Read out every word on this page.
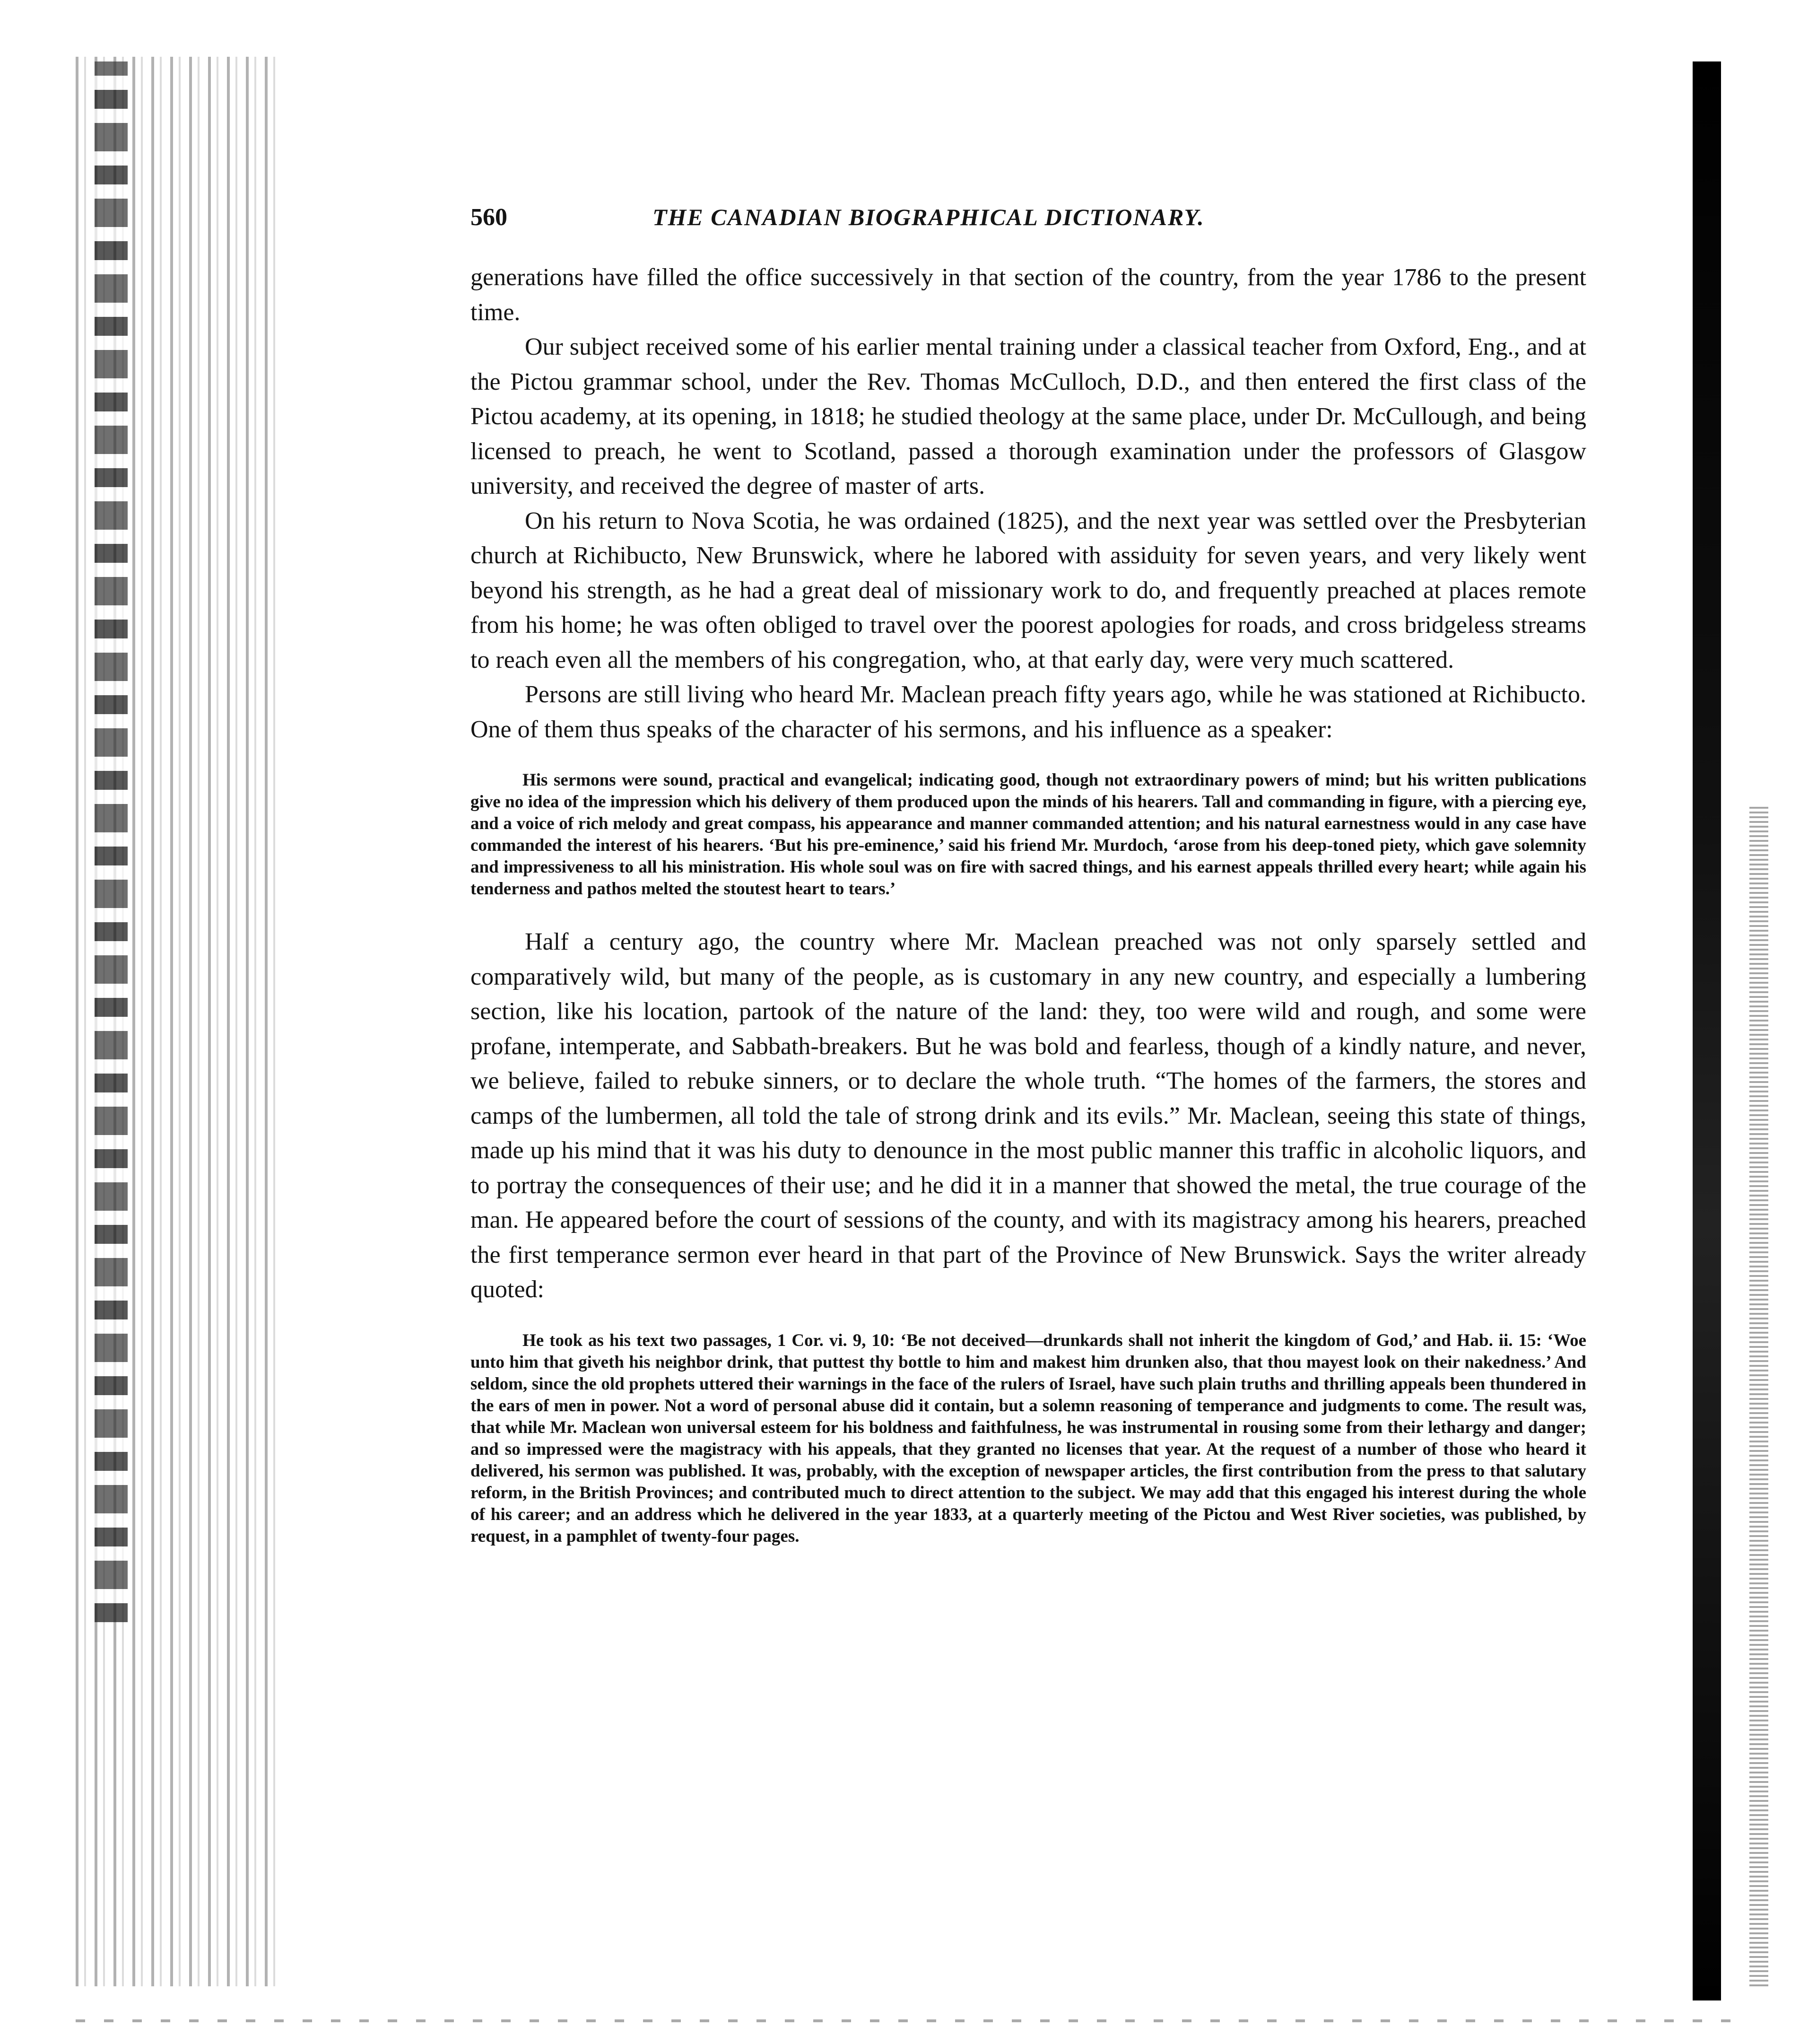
560	THE CANADIAN BIOGRAPHICAL DICTIONARY.

generations have filled the office successively in that section of the country, from the year 1786 to the present time.

Our subject received some of his earlier mental training under a classical teacher from Oxford, Eng., and at the Pictou grammar school, under the Rev. Thomas McCulloch, D.D., and then entered the first class of the Pictou academy, at its opening, in 1818; he studied theology at the same place, under Dr. McCullough, and being licensed to preach, he went to Scotland, passed a thorough examination under the professors of Glasgow university, and received the degree of master of arts.

On his return to Nova Scotia, he was ordained (1825), and the next year was settled over the Presbyterian church at Richibucto, New Brunswick, where he labored with assiduity for seven years, and very likely went beyond his strength, as he had a great deal of missionary work to do, and frequently preached at places remote from his home; he was often obliged to travel over the poorest apologies for roads, and cross bridgeless streams to reach even all the members of his congregation, who, at that early day, were very much scattered.

Persons are still living who heard Mr. Maclean preach fifty years ago, while he was stationed at Richibucto. One of them thus speaks of the character of his sermons, and his influence as a speaker:

His sermons were sound, practical and evangelical; indicating good, though not extraordinary powers of mind; but his written publications give no idea of the impression which his delivery of them produced upon the minds of his hearers. Tall and commanding in figure, with a piercing eye, and a voice of rich melody and great compass, his appearance and manner commanded attention; and his natural earnestness would in any case have commanded the interest of his hearers. ‘But his pre-eminence,’ said his friend Mr. Murdoch, ‘arose from his deep-toned piety, which gave solemnity and impressiveness to all his ministration. His whole soul was on fire with sacred things, and his earnest appeals thrilled every heart; while again his tenderness and pathos melted the stoutest heart to tears.’

Half a century ago, the country where Mr. Maclean preached was not only sparsely settled and comparatively wild, but many of the people, as is customary in any new country, and especially a lumbering section, like his location, partook of the nature of the land: they, too were wild and rough, and some were profane, intemperate, and Sabbath-breakers. But he was bold and fearless, though of a kindly nature, and never, we believe, failed to rebuke sinners, or to declare the whole truth. “The homes of the farmers, the stores and camps of the lumbermen, all told the tale of strong drink and its evils.” Mr. Maclean, seeing this state of things, made up his mind that it was his duty to denounce in the most public manner this traffic in alcoholic liquors, and to portray the consequences of their use; and he did it in a manner that showed the metal, the true courage of the man. He appeared before the court of sessions of the county, and with its magistracy among his hearers, preached the first temperance sermon ever heard in that part of the Province of New Brunswick. Says the writer already quoted:

He took as his text two passages, 1 Cor. vi. 9, 10: ‘Be not deceived—drunkards shall not inherit the kingdom of God,’ and Hab. ii. 15: ‘Woe unto him that giveth his neighbor drink, that puttest thy bottle to him and makest him drunken also, that thou mayest look on their nakedness.’ And seldom, since the old prophets uttered their warnings in the face of the rulers of Israel, have such plain truths and thrilling appeals been thundered in the ears of men in power. Not a word of personal abuse did it contain, but a solemn reasoning of temperance and judgments to come. The result was, that while Mr. Maclean won universal esteem for his boldness and faithfulness, he was instrumental in rousing some from their lethargy and danger; and so impressed were the magistracy with his appeals, that they granted no licenses that year. At the request of a number of those who heard it delivered, his sermon was published. It was, probably, with the exception of newspaper articles, the first contribution from the press to that salutary reform, in the British Provinces; and contributed much to direct attention to the subject. We may add that this engaged his interest during the whole of his career; and an address which he delivered in the year 1833, at a quarterly meeting of the Pictou and West River societies, was published, by request, in a pamphlet of twenty-four pages.
